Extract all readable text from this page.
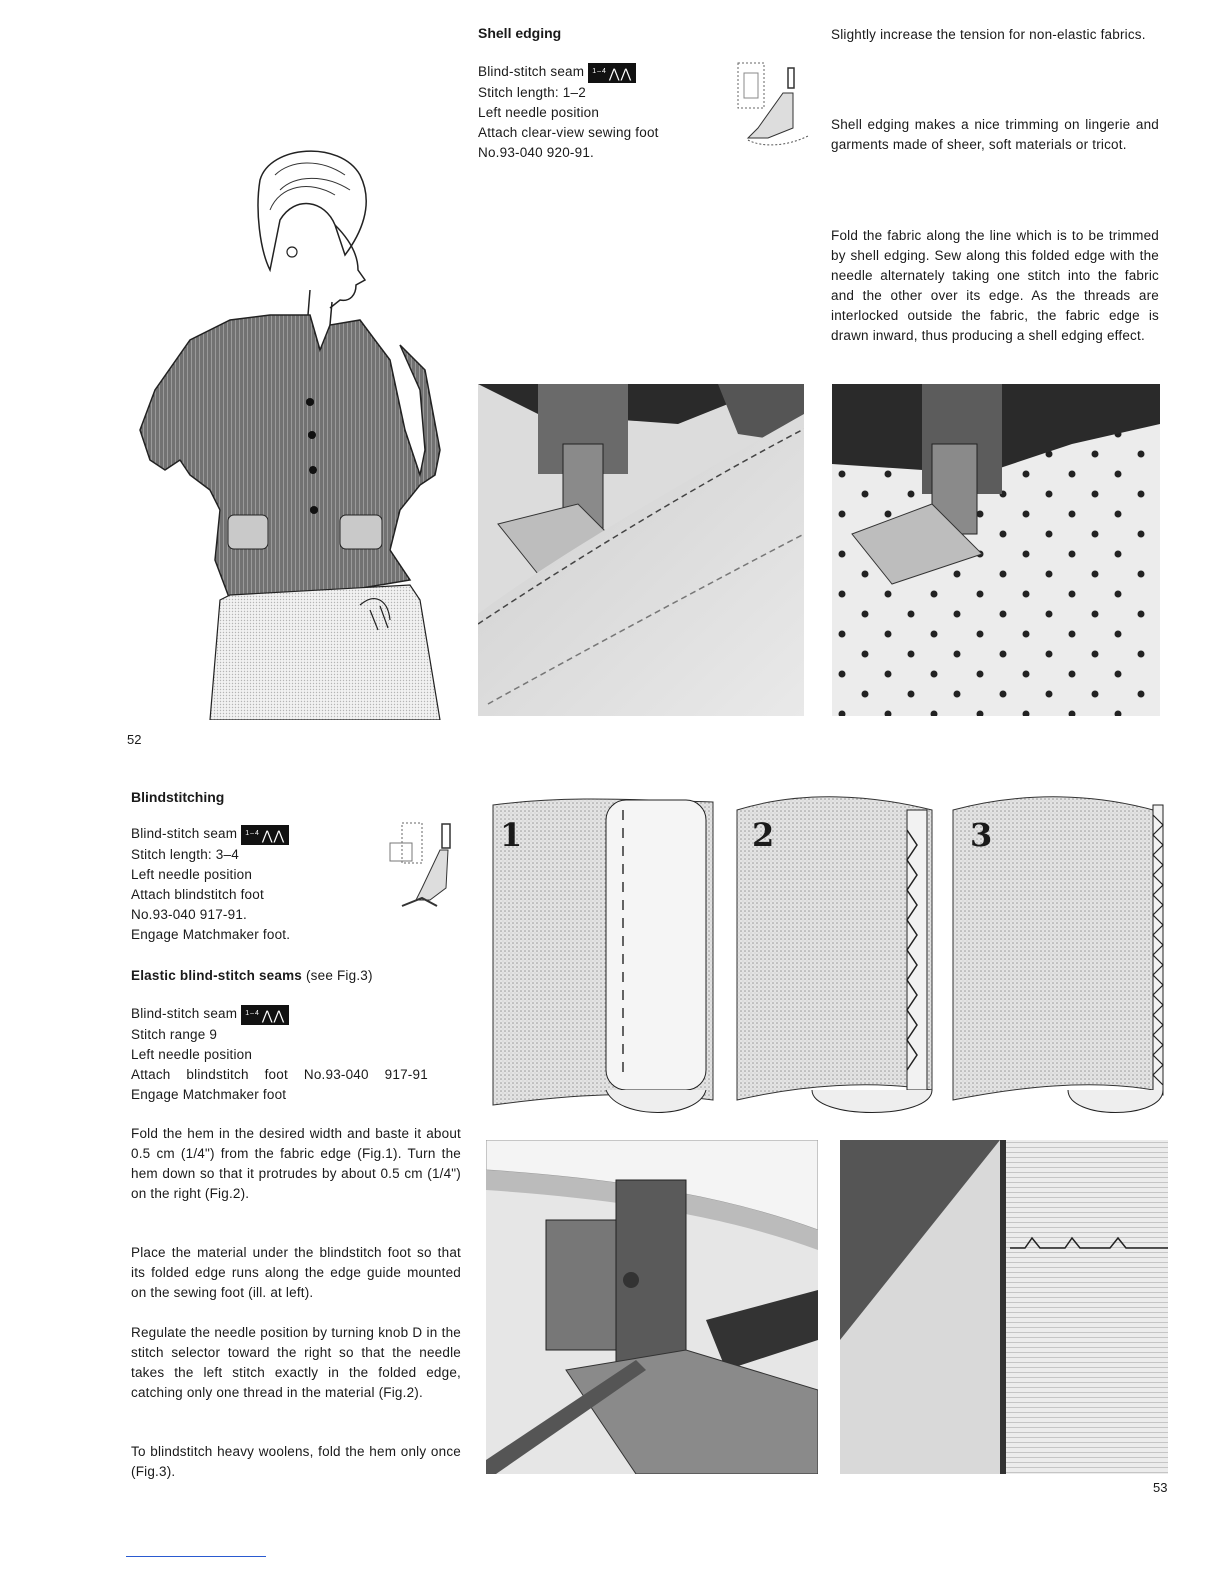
52
Shell edging
Blind-stitch seam $^{1-4}$ ⋀⋀
Stitch length: 1–2
Left needle position
Attach clear-view sewing foot
No.93-040 920-91.

Slightly increase the tension for non-elastic fabrics.

Shell edging makes a nice trimming on lingerie and garments made of sheer, soft materials or tricot.

Fold the fabric along the line which is to be trimmed by shell edging. Sew along this folded edge with the needle alternately taking one stitch into the fabric and the other over its edge. As the threads are interlocked outside the fabric, the fabric edge is drawn inward, thus producing a shell edging effect.

Blindstitching
Blind-stitch seam $^{1-4}$ ⋀⋀
Stitch length: 3–4
Left needle position
Attach blindstitch foot
No.93-040 917-91.
Engage Matchmaker foot.
Elastic blind-stitch seams (see Fig.3)
Blind-stitch seam $^{1-4}$ ⋀⋀
Stitch range 9
Left needle position
Attach blindstitch foot No.93-040 917-91
Engage Matchmaker foot

Fold the hem in the desired width and baste it about 0.5 cm (1/4") from the fabric edge (Fig.1). Turn the hem down so that it protrudes by about 0.5 cm (1/4") on the right (Fig.2).

Place the material under the blindstitch foot so that its folded edge runs along the edge guide mounted on the sewing foot (ill. at left).

Regulate the needle position by turning knob D in the stitch selector toward the right so that the needle takes the left stitch exactly in the folded edge, catching only one thread in the material (Fig.2).

To blindstitch heavy woolens, fold the hem only once (Fig.3).

1	2	3
53
